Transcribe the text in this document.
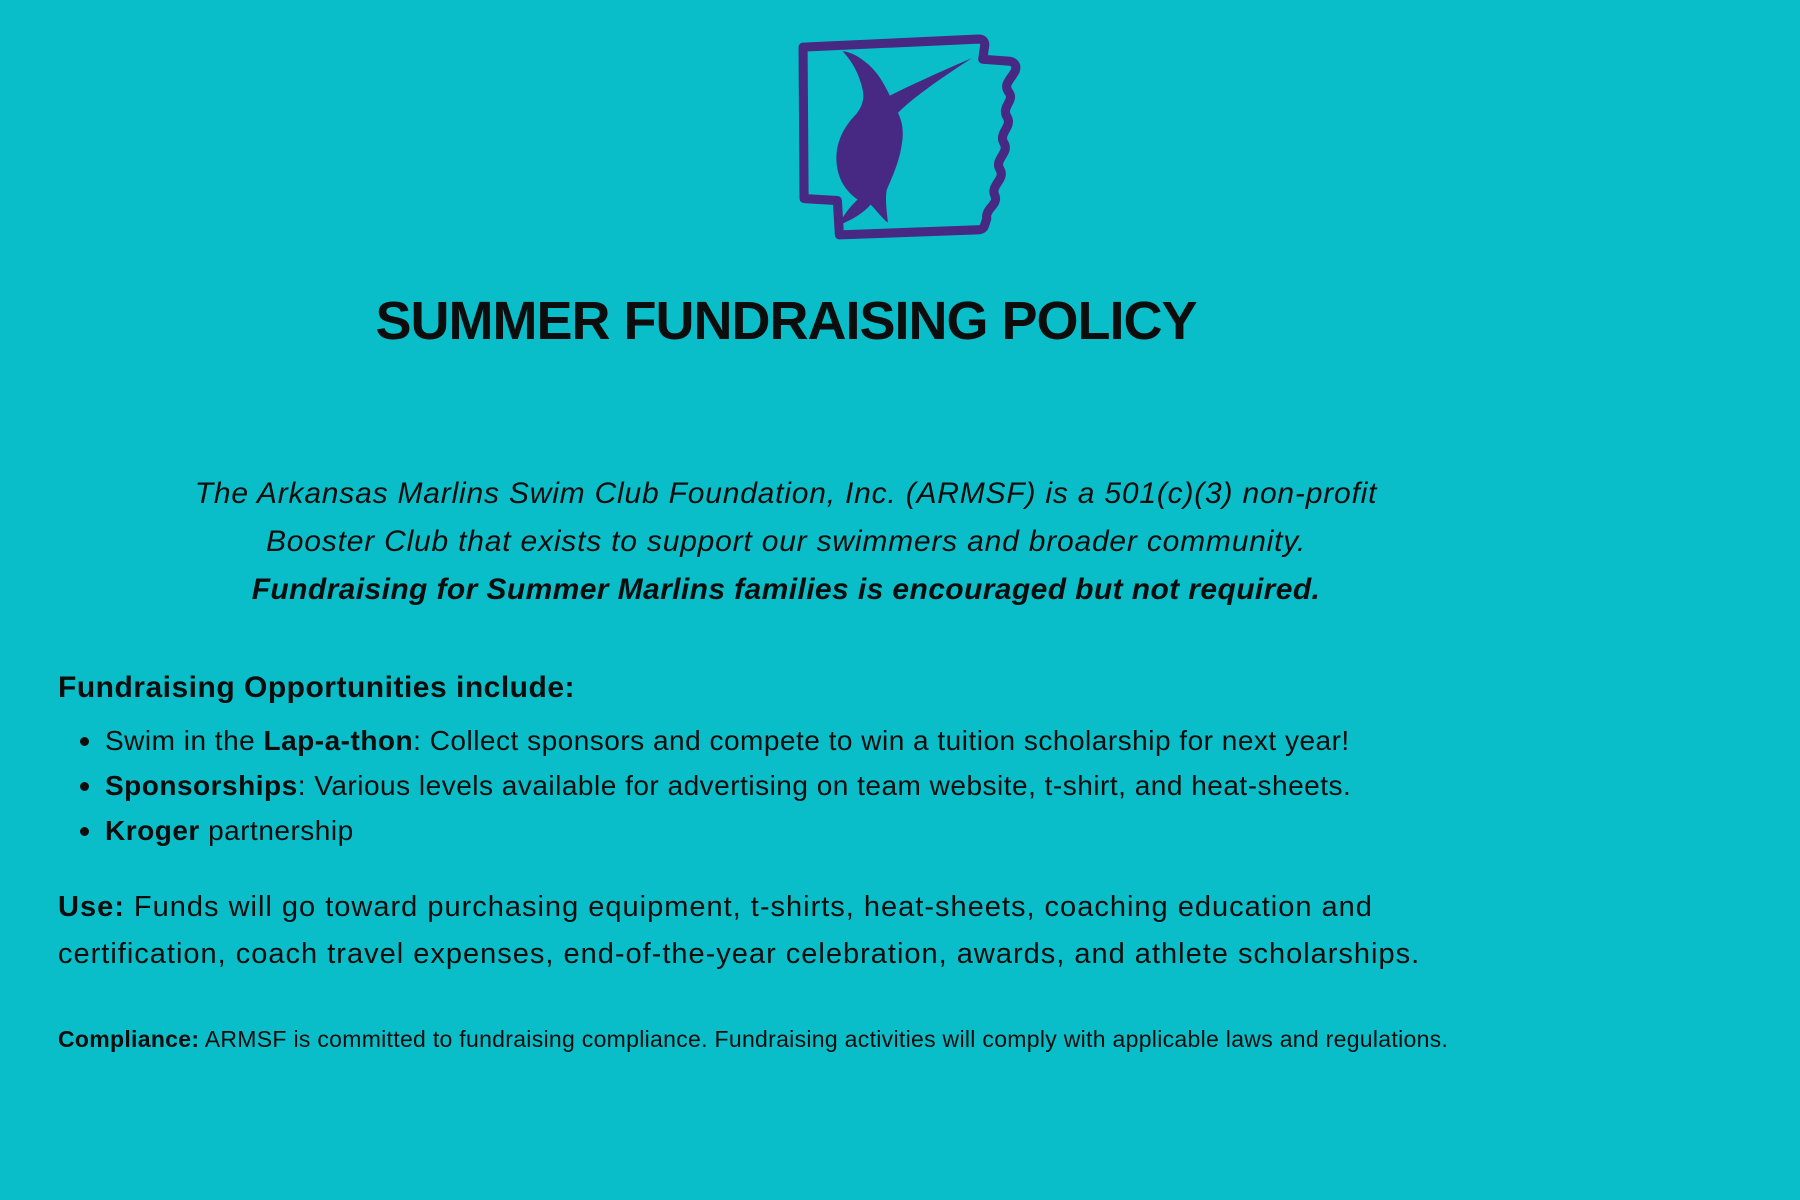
SUMMER FUNDRAISING POLICY
The Arkansas Marlins Swim Club Foundation, Inc. (ARMSF) is a 501(c)(3) non-profit
Booster Club that exists to support our swimmers and broader community.
Fundraising for Summer Marlins families is encouraged but not required.
Fundraising Opportunities include:
Swim in the Lap-a-thon: Collect sponsors and compete to win a tuition scholarship for next year!
Sponsorships: Various levels available for advertising on team website, t-shirt, and heat-sheets.
Kroger partnership

Use: Funds will go toward purchasing equipment, t-shirts, heat-sheets, coaching education and certification, coach travel expenses, end-of-the-year celebration, awards, and athlete scholarships.

Compliance: ARMSF is committed to fundraising compliance. Fundraising activities will comply with applicable laws and regulations.
